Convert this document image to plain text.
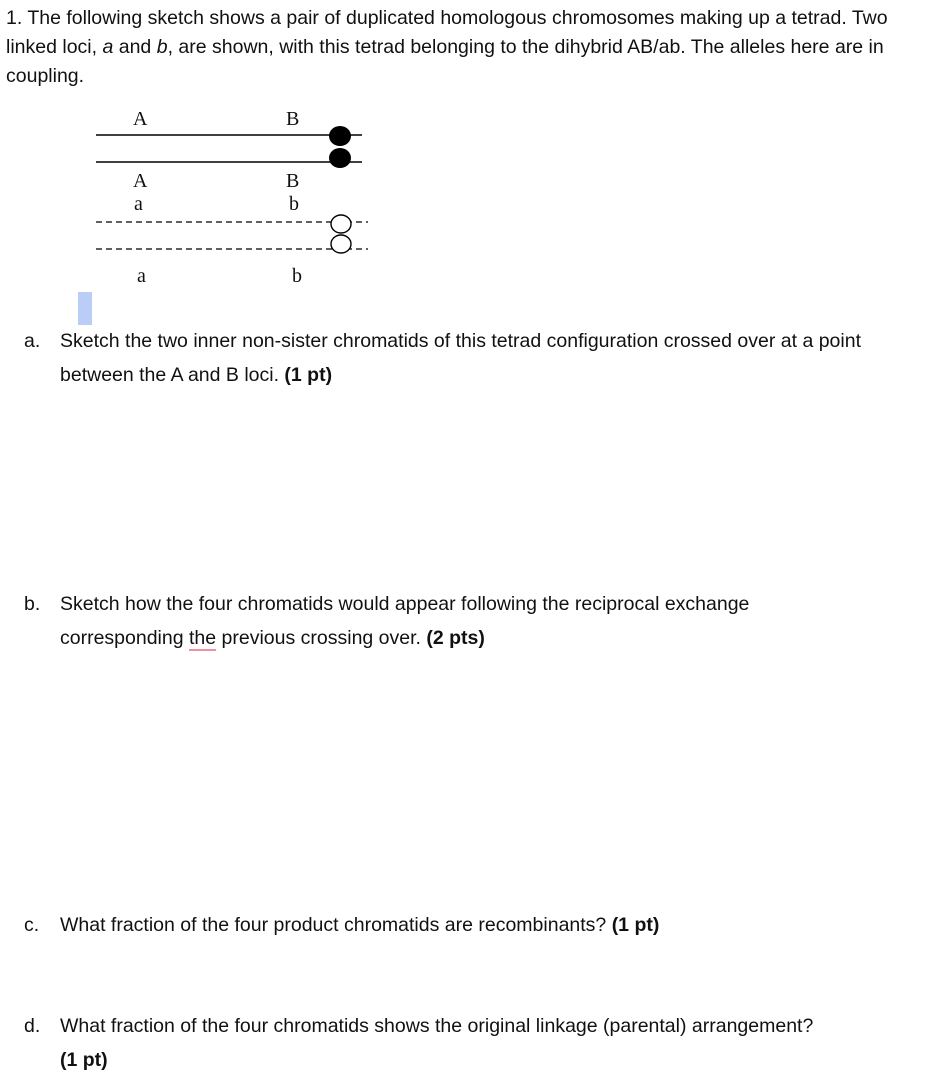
1. The following sketch shows a pair of duplicated homologous chromosomes making up a tetrad. Two linked loci, a and b, are shown, with this tetrad belonging to the dihybrid AB/ab. The alleles here are in coupling.

A	B
A	B
a	b
a	b
a. Sketch the two inner non-sister chromatids of this tetrad configuration crossed over at a point between the A and B loci. (1 pt)
b. Sketch how the four chromatids would appear following the reciprocal exchange
corresponding the previous crossing over. (2 pts)
c. What fraction of the four product chromatids are recombinants? (1 pt)
d. What fraction of the four chromatids shows the original linkage (parental) arrangement?
(1 pt)
